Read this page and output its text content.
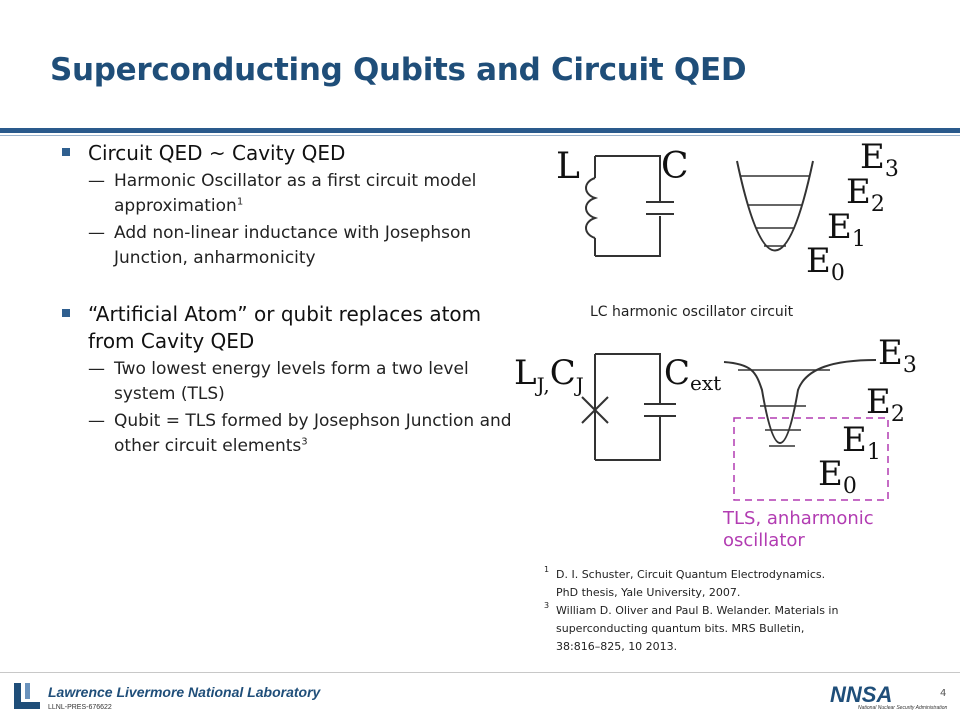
Superconducting Qubits and Circuit QED

Circuit QED ~ Cavity QED

— Harmonic Oscillator as a first circuit model approximation$^1$

— Add non-linear inductance with Josephson Junction, anharmonicity

“Artificial Atom” or qubit replaces atom from Cavity QED

— Two lowest energy levels form a two level system (TLS)

— Qubit = TLS formed by Josephson Junction and other circuit elements$^3$

L C	$E_3$
$E_2$
$E_1$
$E_0$
$L_{J,}C_J$ Cext
$E_3$
$E_2$
$E_1$
$E_0$
LC harmonic oscillator circuit
TLS, anharmonic
oscillator

1 D. I. Schuster, Circuit Quantum Electrodynamics. PhD thesis, Yale University, 2007.

3 William D. Oliver and Paul B. Welander. Materials in superconducting quantum bits. MRS Bulletin, 38:816–825, 10 2013.

Lawrence Livermore National Laboratory
LLNL-PRES-676622
4
NNSA
National Nuclear Security Administration
